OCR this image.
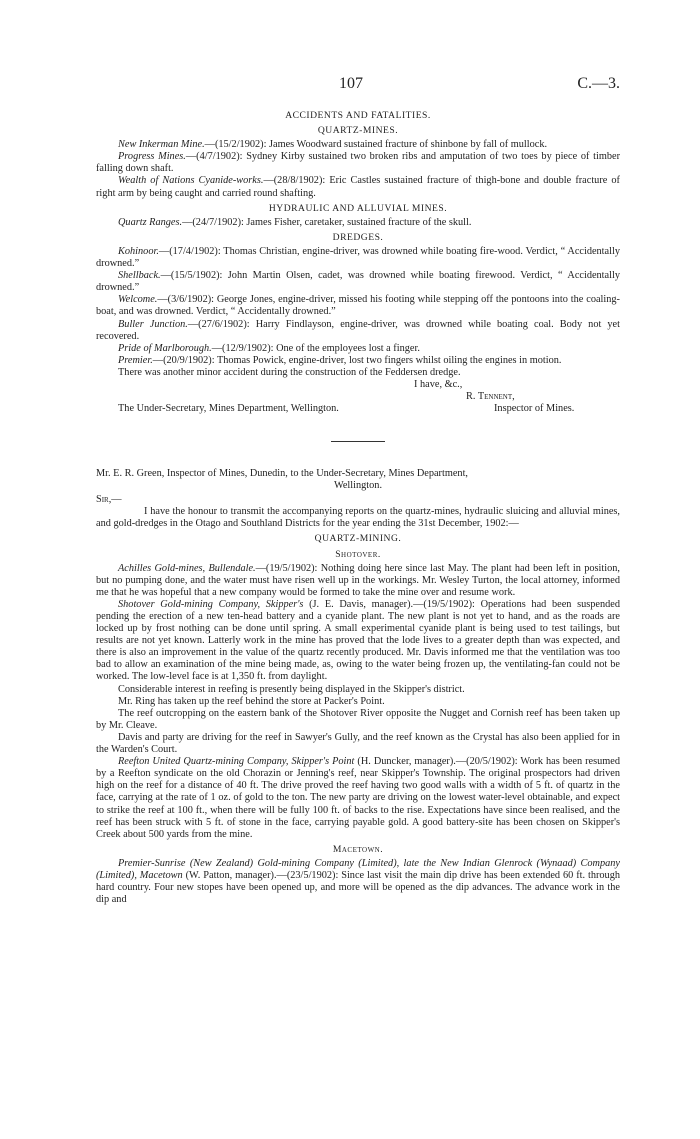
107	C.—3.
ACCIDENTS AND FATALITIES.
QUARTZ-MINES.

New Inkerman Mine.—(15/2/1902): James Woodward sustained fracture of shinbone by fall of mullock.

Progress Mines.—(4/7/1902): Sydney Kirby sustained two broken ribs and amputation of two toes by piece of timber falling down shaft.

Wealth of Nations Cyanide-works.—(28/8/1902): Eric Castles sustained fracture of thigh-bone and double fracture of right arm by being caught and carried round shafting.

HYDRAULIC AND ALLUVIAL MINES.

Quartz Ranges.—(24/7/1902): James Fisher, caretaker, sustained fracture of the skull.

DREDGES.

Kohinoor.—(17/4/1902): Thomas Christian, engine-driver, was drowned while boating fire-wood. Verdict, “ Accidentally drowned.”

Shellback.—(15/5/1902): John Martin Olsen, cadet, was drowned while boating firewood. Verdict, “ Accidentally drowned.”

Welcome.—(3/6/1902): George Jones, engine-driver, missed his footing while stepping off the pontoons into the coaling-boat, and was drowned. Verdict, “ Accidentally drowned.”

Buller Junction.—(27/6/1902): Harry Findlayson, engine-driver, was drowned while boating coal. Body not yet recovered.

Pride of Marlborough.—(12/9/1902): One of the employees lost a finger.

Premier.—(20/9/1902): Thomas Powick, engine-driver, lost two fingers whilst oiling the engines in motion.

There was another minor accident during the construction of the Feddersen dredge.

I have, &c.,
R. Tennent,
The Under-Secretary, Mines Department, Wellington.	Inspector of Mines.

Mr. E. R. Green, Inspector of Mines, Dunedin, to the Under-Secretary, Mines Department,

Wellington.

Sir,—

I have the honour to transmit the accompanying reports on the quartz-mines, hydraulic sluicing and alluvial mines, and gold-dredges in the Otago and Southland Districts for the year ending the 31st December, 1902:—

QUARTZ-MINING.
Shotover.

Achilles Gold-mines, Bullendale.—(19/5/1902): Nothing doing here since last May. The plant had been left in position, but no pumping done, and the water must have risen well up in the workings. Mr. Wesley Turton, the local attorney, informed me that he was hopeful that a new company would be formed to take the mine over and resume work.

Shotover Gold-mining Company, Skipper's (J. E. Davis, manager).—(19/5/1902): Operations had been suspended pending the erection of a new ten-head battery and a cyanide plant. The new plant is not yet to hand, and as the roads are locked up by frost nothing can be done until spring. A small experimental cyanide plant is being used to test tailings, but results are not yet known. Latterly work in the mine has proved that the lode lives to a greater depth than was expected, and there is also an improvement in the value of the quartz recently produced. Mr. Davis informed me that the ventilation was too bad to allow an examination of the mine being made, as, owing to the water being frozen up, the ventilating-fan could not be worked. The low-level face is at 1,350 ft. from daylight.

Considerable interest in reefing is presently being displayed in the Skipper's district.

Mr. Ring has taken up the reef behind the store at Packer's Point.

The reef outcropping on the eastern bank of the Shotover River opposite the Nugget and Cornish reef has been taken up by Mr. Cleave.

Davis and party are driving for the reef in Sawyer's Gully, and the reef known as the Crystal has also been applied for in the Warden's Court.

Reefton United Quartz-mining Company, Skipper's Point (H. Duncker, manager).—(20/5/1902): Work has been resumed by a Reefton syndicate on the old Chorazin or Jenning's reef, near Skipper's Township. The original prospectors had driven high on the reef for a distance of 40 ft. The drive proved the reef having two good walls with a width of 5 ft. of quartz in the face, carrying at the rate of 1 oz. of gold to the ton. The new party are driving on the lowest water-level obtainable, and expect to strike the reef at 100 ft., when there will be fully 100 ft. of backs to the rise. Expectations have since been realised, and the reef has been struck with 5 ft. of stone in the face, carrying payable gold. A good battery-site has been chosen on Skipper's Creek about 500 yards from the mine.

Macetown.

Premier-Sunrise (New Zealand) Gold-mining Company (Limited), late the New Indian Glenrock (Wynaad) Company (Limited), Macetown (W. Patton, manager).—(23/5/1902): Since last visit the main dip drive has been extended 60 ft. through hard country. Four new stopes have been opened up, and more will be opened as the dip advances. The advance work in the dip and
